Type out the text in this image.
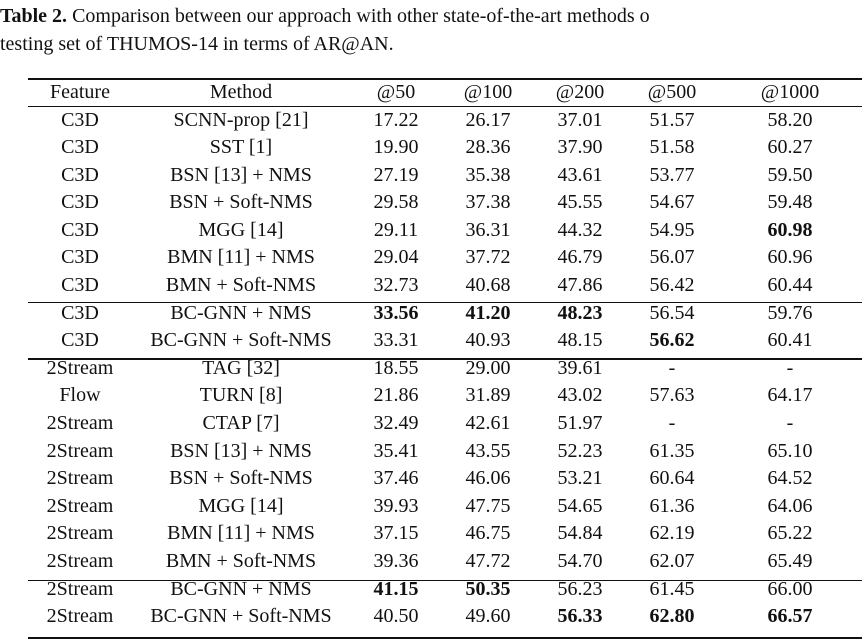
Table 2. Comparison between our approach with other state-of-the-art methods o
testing set of THUMOS-14 in terms of AR@AN.
Feature	Method	@50	@100	@200	@500	@1000
C3D	SCNN-prop [21]	17.22	26.17	37.01	51.57	58.20
C3D	SST [1]	19.90	28.36	37.90	51.58	60.27
C3D	BSN [13] + NMS	27.19	35.38	43.61	53.77	59.50
C3D	BSN + Soft-NMS	29.58	37.38	45.55	54.67	59.48
C3D	MGG [14]	29.11	36.31	44.32	54.95	60.98
C3D	BMN [11] + NMS	29.04	37.72	46.79	56.07	60.96
C3D	BMN + Soft-NMS	32.73	40.68	47.86	56.42	60.44
C3D	BC-GNN + NMS	33.56	41.20	48.23	56.54	59.76
C3D	BC-GNN + Soft-NMS	33.31	40.93	48.15	56.62	60.41
2Stream	TAG [32]	18.55	29.00	39.61	-	-
Flow	TURN [8]	21.86	31.89	43.02	57.63	64.17
2Stream	CTAP [7]	32.49	42.61	51.97	-	-
2Stream	BSN [13] + NMS	35.41	43.55	52.23	61.35	65.10
2Stream	BSN + Soft-NMS	37.46	46.06	53.21	60.64	64.52
2Stream	MGG [14]	39.93	47.75	54.65	61.36	64.06
2Stream	BMN [11] + NMS	37.15	46.75	54.84	62.19	65.22
2Stream	BMN + Soft-NMS	39.36	47.72	54.70	62.07	65.49
2Stream	BC-GNN + NMS	41.15	50.35	56.23	61.45	66.00
2Stream	BC-GNN + Soft-NMS	40.50	49.60	56.33	62.80	66.57
